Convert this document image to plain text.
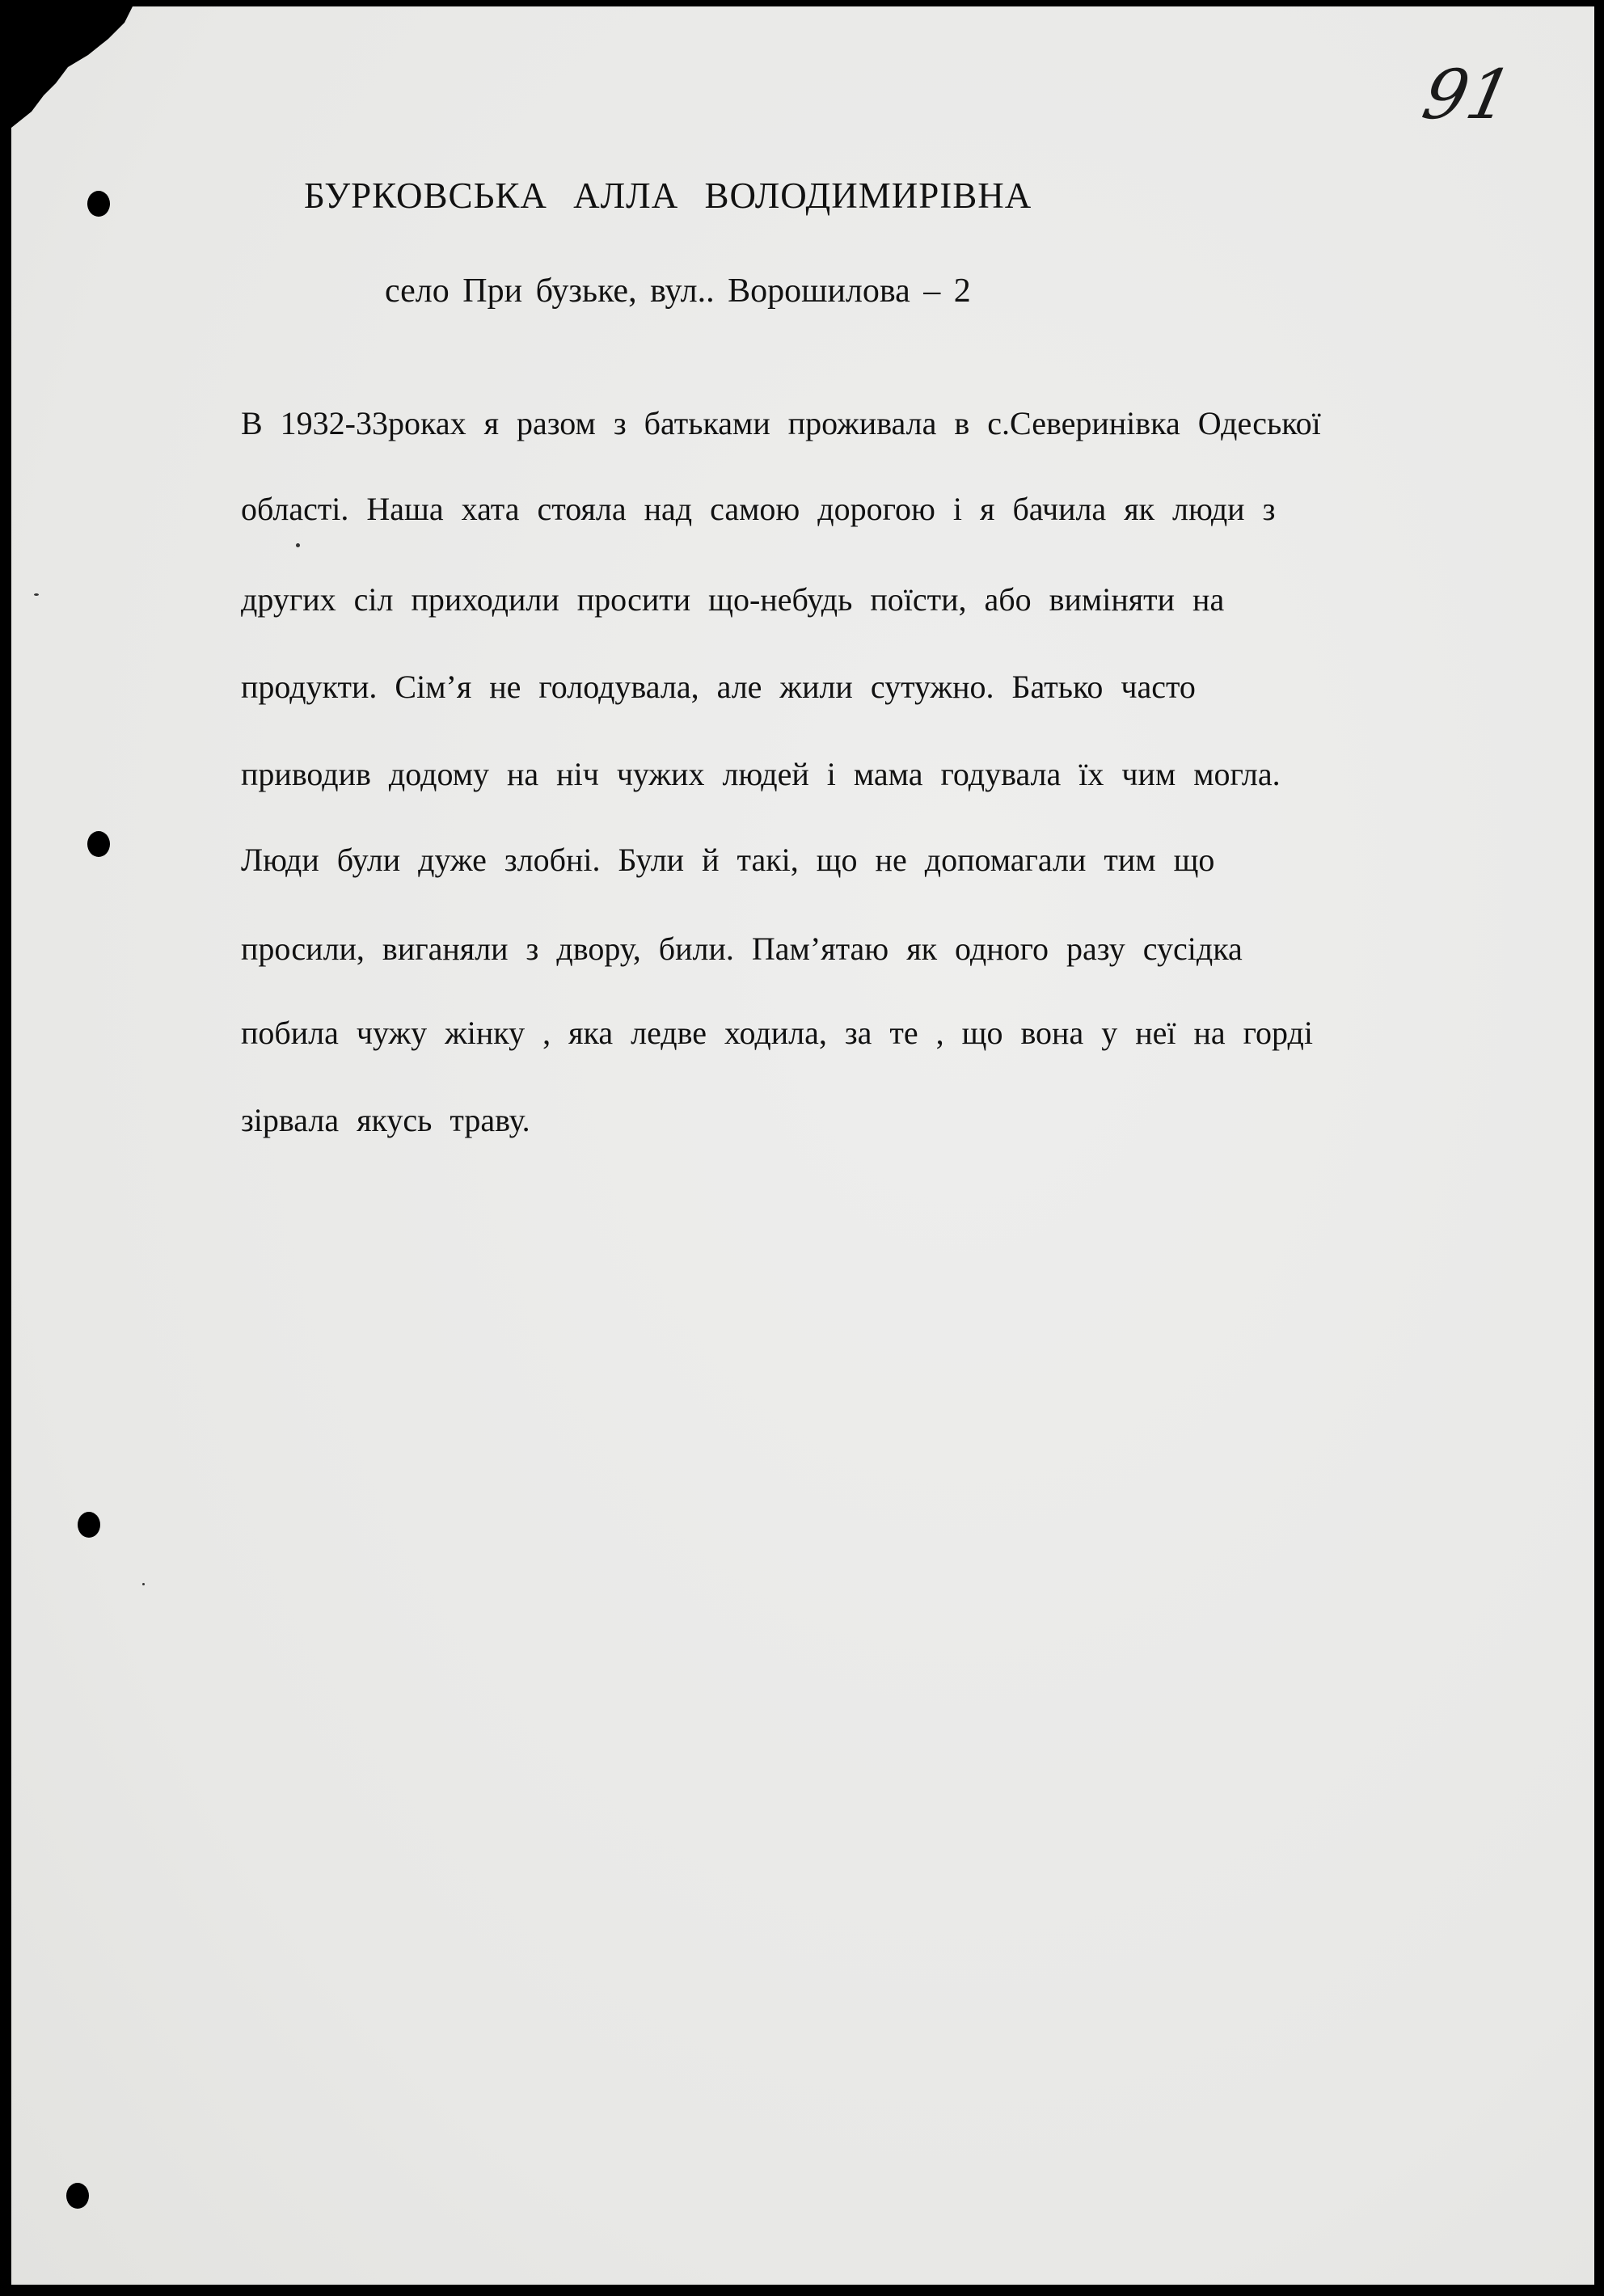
91
БУРКОВСЬКА АЛЛА ВОЛОДИМИРІВНА
село При бузьке, вул.. Ворошилова – 2
В 1932-33роках я разом з батьками проживала в с.Северинівка Одеської
області. Наша хата стояла над самою дорогою і я бачила як люди з
других сіл приходили просити що-небудь поїсти, або виміняти на
продукти. Сім’я не голодувала, але жили сутужно. Батько часто
приводив додому на ніч чужих людей і мама годувала їх чим могла.
Люди були дуже злобні. Були й такі, що не допомагали тим що
просили, виганяли з двору, били. Пам’ятаю як одного разу сусідка
побила чужу жінку , яка ледве ходила, за те , що вона у неї на горді
зірвала якусь траву.
